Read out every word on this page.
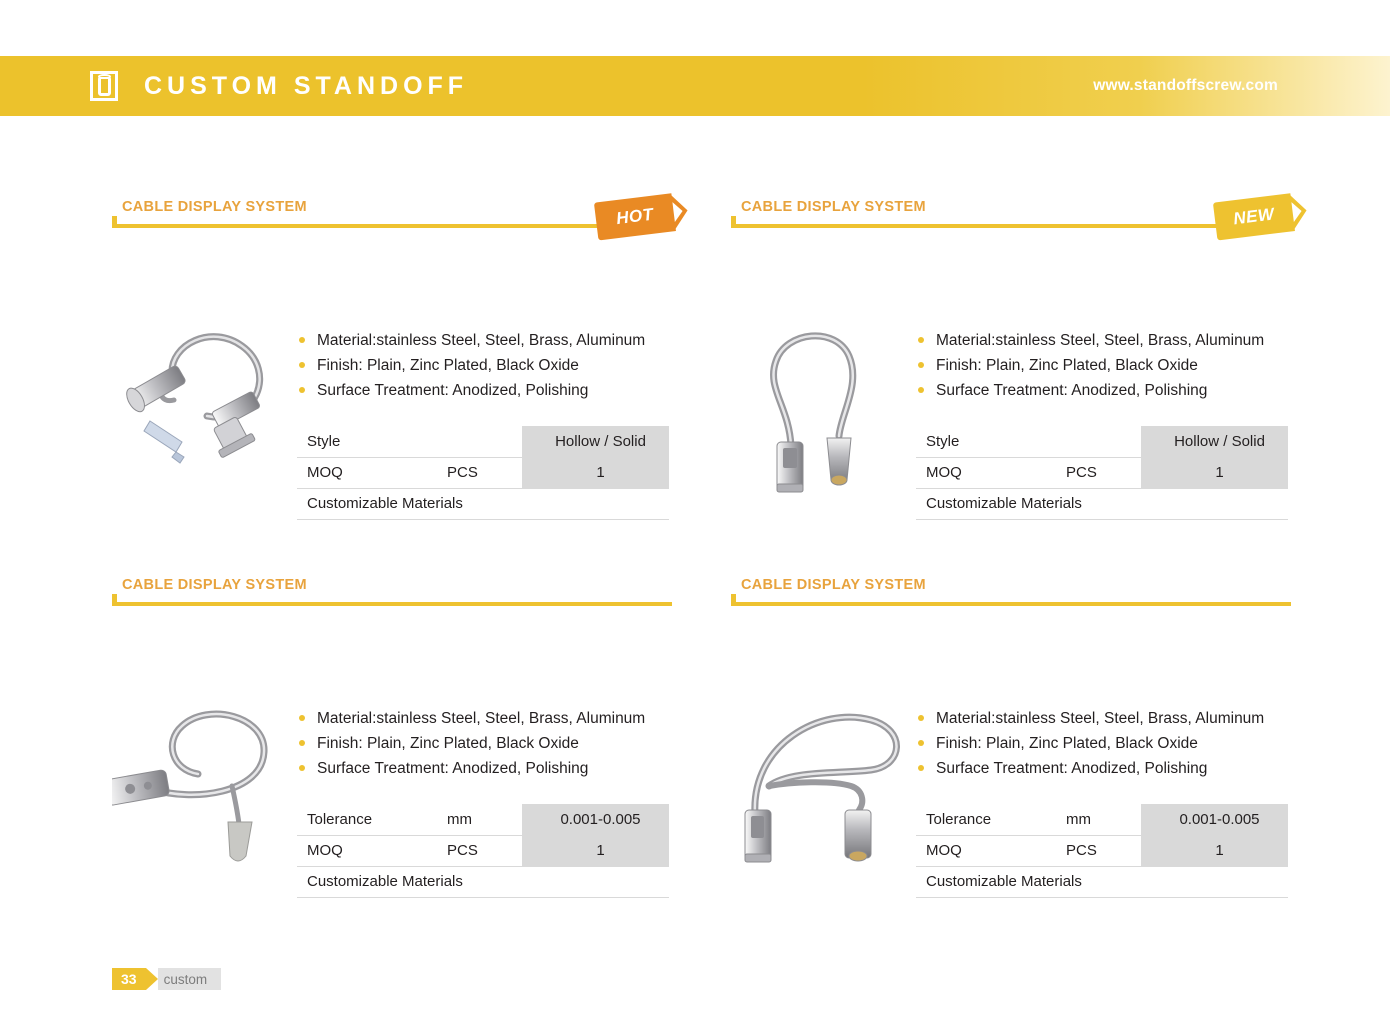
CUSTOM STANDOFF	www.standoffscrew.com
CABLE DISPLAY SYSTEM	HOT
Material:stainless Steel, Steel, Brass, Aluminum
Finish: Plain, Zinc Plated, Black Oxide
Surface Treatment: Anodized, Polishing
Style		Hollow / Solid
MOQ	PCS	1
Customizable Materials		
CABLE DISPLAY SYSTEM	NEW
Material:stainless Steel, Steel, Brass, Aluminum
Finish: Plain, Zinc Plated, Black Oxide
Surface Treatment: Anodized, Polishing
Style		Hollow / Solid
MOQ	PCS	1
Customizable Materials		
CABLE DISPLAY SYSTEM
Material:stainless Steel, Steel, Brass, Aluminum
Finish: Plain, Zinc Plated, Black Oxide
Surface Treatment: Anodized, Polishing
Tolerance	mm	0.001-0.005
MOQ	PCS	1
Customizable Materials		
CABLE DISPLAY SYSTEM
Material:stainless Steel, Steel, Brass, Aluminum
Finish: Plain, Zinc Plated, Black Oxide
Surface Treatment: Anodized, Polishing
Tolerance	mm	0.001-0.005
MOQ	PCS	1
Customizable Materials		
33	custom
